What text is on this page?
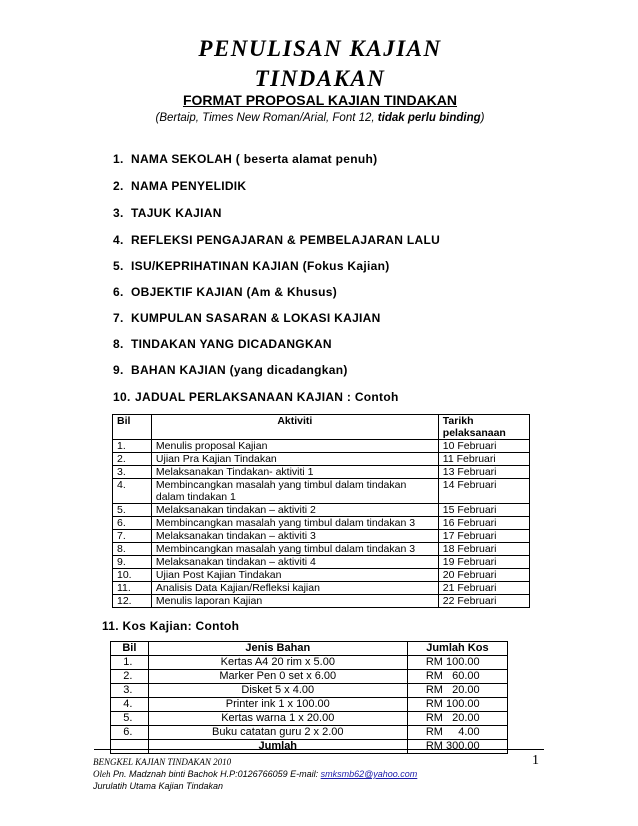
PENULISAN KAJIAN TINDAKAN
FORMAT PROPOSAL KAJIAN TINDAKAN
(Bertaip, Times New Roman/Arial, Font 12, tidak perlu binding)
1. NAMA SEKOLAH ( beserta alamat penuh)
2. NAMA PENYELIDIK
3. TAJUK KAJIAN
4. REFLEKSI PENGAJARAN & PEMBELAJARAN LALU
5. ISU/KEPRIHATINAN KAJIAN (Fokus Kajian)
6. OBJEKTIF KAJIAN (Am & Khusus)
7. KUMPULAN SASARAN & LOKASI KAJIAN
8. TINDAKAN YANG DICADANGKAN
9. BAHAN KAJIAN (yang dicadangkan)
10. JADUAL PERLAKSANAAN KAJIAN : Contoh
Bil	Aktiviti	Tarikh pelaksanaan
1.	Menulis proposal Kajian	10 Februari
2.	Ujian Pra Kajian Tindakan	11 Februari
3.	Melaksanakan Tindakan- aktiviti 1	13 Februari
4.	Membincangkan masalah yang timbul dalam tindakan dalam tindakan 1	14 Februari
5.	Melaksanakan tindakan – aktiviti 2	15 Februari
6.	Membincangkan masalah yang timbul dalam tindakan 3	16 Februari
7.	Melaksanakan tindakan – aktiviti 3	17 Februari
8.	Membincangkan masalah yang timbul dalam tindakan 3	18 Februari
9.	Melaksanakan tindakan – aktiviti 4	19 Februari
10.	Ujian Post Kajian Tindakan	20 Februari
11.	Analisis Data Kajian/Refleksi kajian	21 Februari
12.	Menulis laporan Kajian	22 Februari
11. Kos Kajian: Contoh
Bil	Jenis Bahan	Jumlah Kos
1.	Kertas A4 20 rim x 5.00	RM 100.00
2.	Marker Pen 0 set x 6.00	RM   60.00
3.	Disket 5 x 4.00	RM   20.00
4.	Printer ink 1 x 100.00	RM 100.00
5.	Kertas warna 1 x 20.00	RM   20.00
6.	Buku catatan guru 2 x 2.00	RM     4.00
	Jumlah	RM 300.00
1
BENGKEL KAJIAN TINDAKAN 2010
Oleh Pn. Madznah binti Bachok H.P:0126766059 E-mail: smksmb62@yahoo.com
Jurulatih Utama Kajian Tindakan
